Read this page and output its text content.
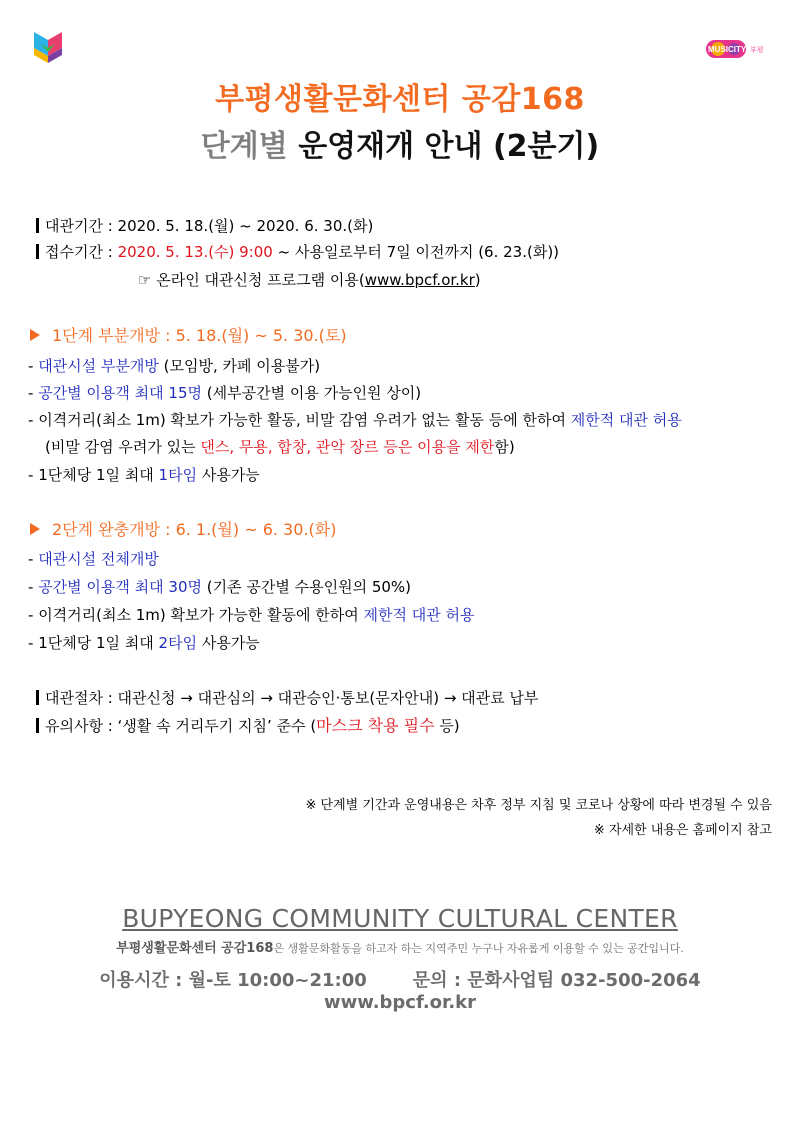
MUSICITY 부평
부평생활문화센터 공감168
단계별 운영재개 안내 (2분기)
대관기간 : 2020. 5. 18.(월) ~ 2020. 6. 30.(화)
접수기간 : 2020. 5. 13.(수) 9:00 ~ 사용일로부터 7일 이전까지 (6. 23.(화))
☞ 온라인 대관신청 프로그램 이용(www.bpcf.or.kr)
1단계 부분개방 : 5. 18.(월) ~ 5. 30.(토)
- 대관시설 부분개방 (모임방, 카페 이용불가)
- 공간별 이용객 최대 15명 (세부공간별 이용 가능인원 상이)
- 이격거리(최소 1m) 확보가 가능한 활동, 비말 감염 우려가 없는 활동 등에 한하여 제한적 대관 허용
(비말 감염 우려가 있는 댄스, 무용, 합창, 관악 장르 등은 이용을 제한함)
- 1단체당 1일 최대 1타임 사용가능
2단계 완충개방 : 6. 1.(월) ~ 6. 30.(화)
- 대관시설 전체개방
- 공간별 이용객 최대 30명 (기존 공간별 수용인원의 50%)
- 이격거리(최소 1m) 확보가 가능한 활동에 한하여 제한적 대관 허용
- 1단체당 1일 최대 2타임 사용가능
대관절차 : 대관신청 → 대관심의 → 대관승인·통보(문자안내) → 대관료 납부
유의사항 : ‘생활 속 거리두기 지침’ 준수 (마스크 착용 필수 등)
※ 단계별 기간과 운영내용은 차후 정부 지침 및 코로나 상황에 따라 변경될 수 있음
※ 자세한 내용은 홈페이지 참고
BUPYEONG COMMUNITY CULTURAL CENTER
부평생활문화센터 공감168은 생활문화활동을 하고자 하는 지역주민 누구나 자유롭게 이용할 수 있는 공간입니다.
이용시간 : 월-토 10:00~21:00	문의 : 문화사업팀 032-500-2064
www.bpcf.or.kr
